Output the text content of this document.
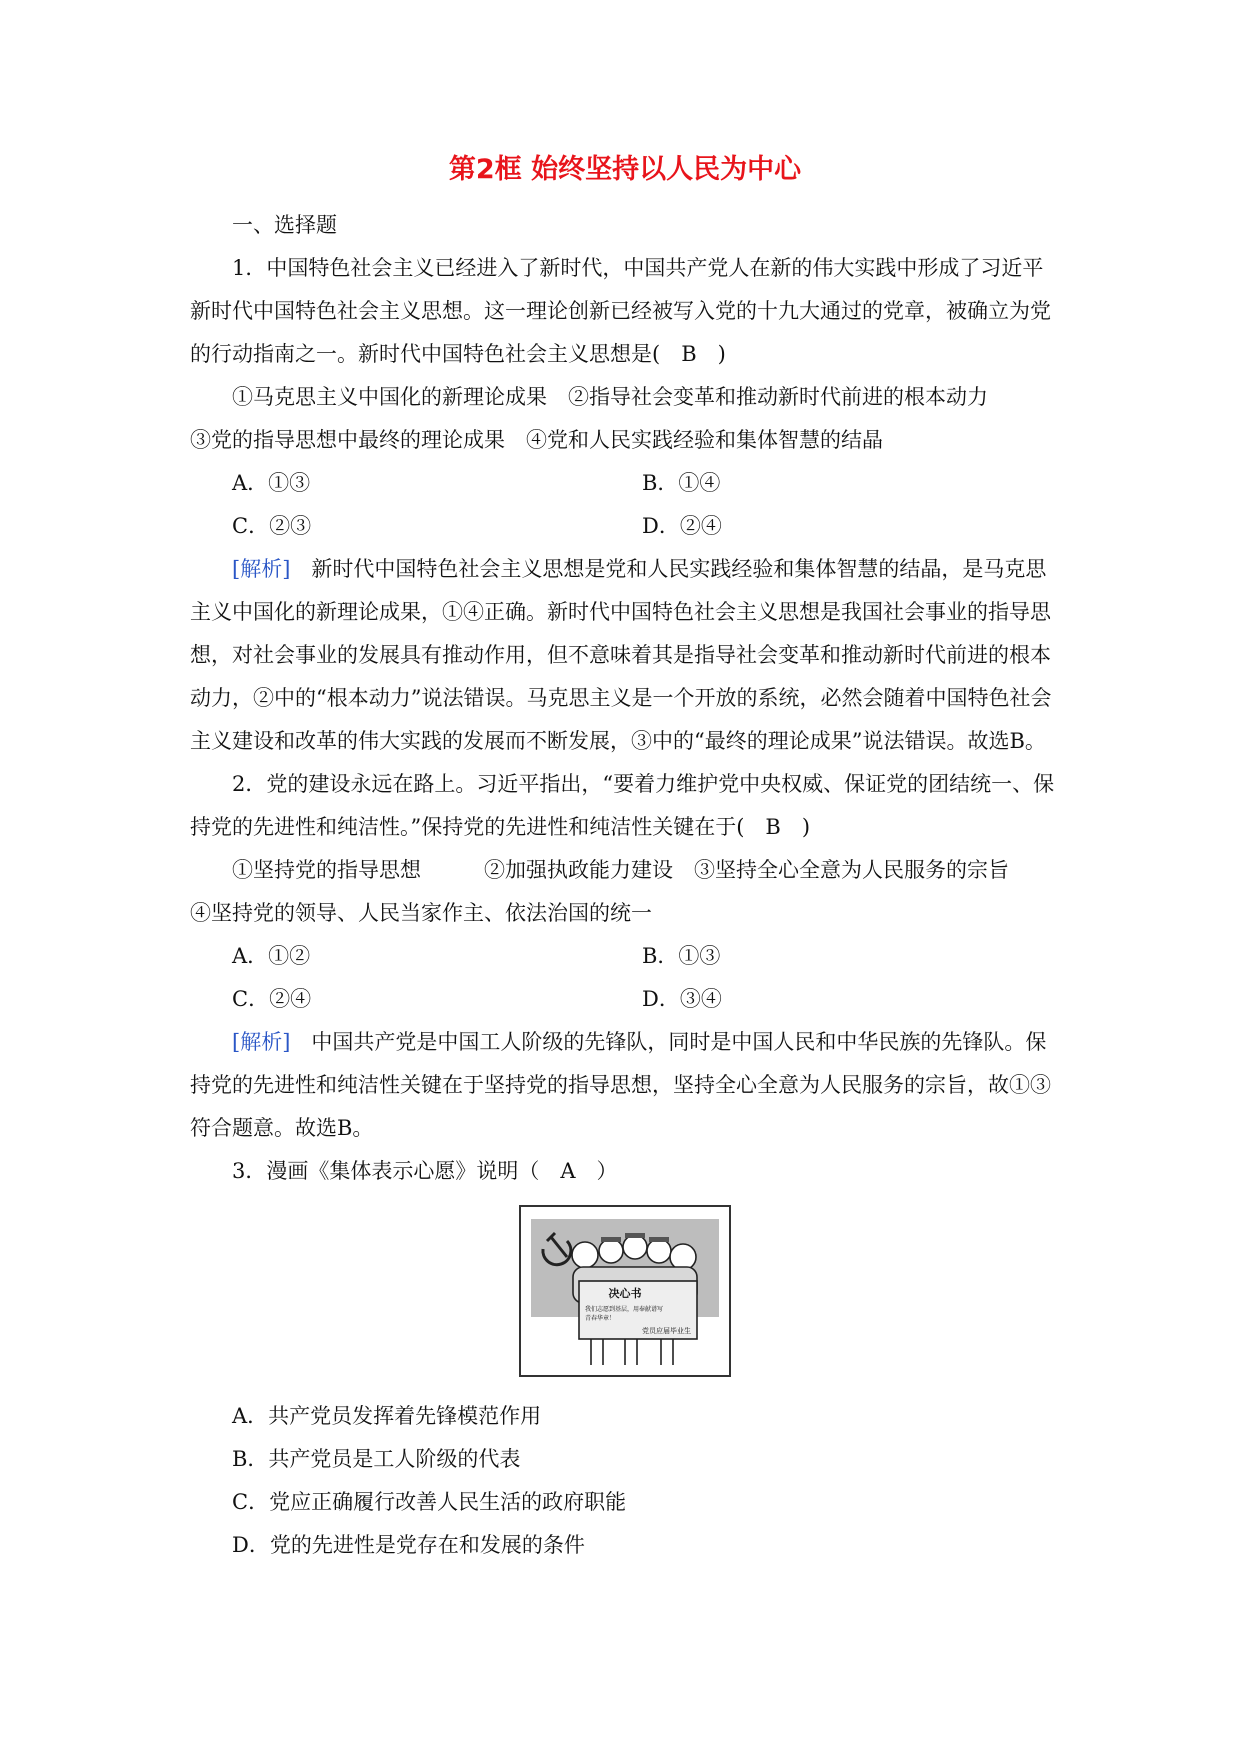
第2框 始终坚持以人民为中心

一、选择题

1．中国特色社会主义已经进入了新时代，中国共产党人在新的伟大实践中形成了习近平新时代中国特色社会主义思想。这一理论创新已经被写入党的十九大通过的党章，被确立为党的行动指南之一。新时代中国特色社会主义思想是(　B　)

①马克思主义中国化的新理论成果　②指导社会变革和推动新时代前进的根本动力

③党的指导思想中最终的理论成果　④党和人民实践经验和集体智慧的结晶

A．①③	B．①④
C．②③	D．②④

[解析]　新时代中国特色社会主义思想是党和人民实践经验和集体智慧的结晶，是马克思主义中国化的新理论成果，①④正确。新时代中国特色社会主义思想是我国社会事业的指导思想，对社会事业的发展具有推动作用，但不意味着其是指导社会变革和推动新时代前进的根本动力，②中的“根本动力”说法错误。马克思主义是一个开放的系统，必然会随着中国特色社会主义建设和改革的伟大实践的发展而不断发展，③中的“最终的理论成果”说法错误。故选B。

2．党的建设永远在路上。习近平指出，“要着力维护党中央权威、保证党的团结统一、保持党的先进性和纯洁性。”保持党的先进性和纯洁性关键在于(　B　)

①坚持党的指导思想　　　②加强执政能力建设　③坚持全心全意为人民服务的宗旨

④坚持党的领导、人民当家作主、依法治国的统一

A．①②	B．①③
C．②④	D．③④

[解析]　中国共产党是中国工人阶级的先锋队，同时是中国人民和中华民族的先锋队。保持党的先进性和纯洁性关键在于坚持党的指导思想，坚持全心全意为人民服务的宗旨，故①③符合题意。故选B。

3．漫画《集体表示心愿》说明（　A　）

决心书
我们志愿到基层，用奉献谱写
青春华章！
党员应届毕业生

A．共产党员发挥着先锋模范作用

B．共产党员是工人阶级的代表

C．党应正确履行改善人民生活的政府职能

D．党的先进性是党存在和发展的条件
